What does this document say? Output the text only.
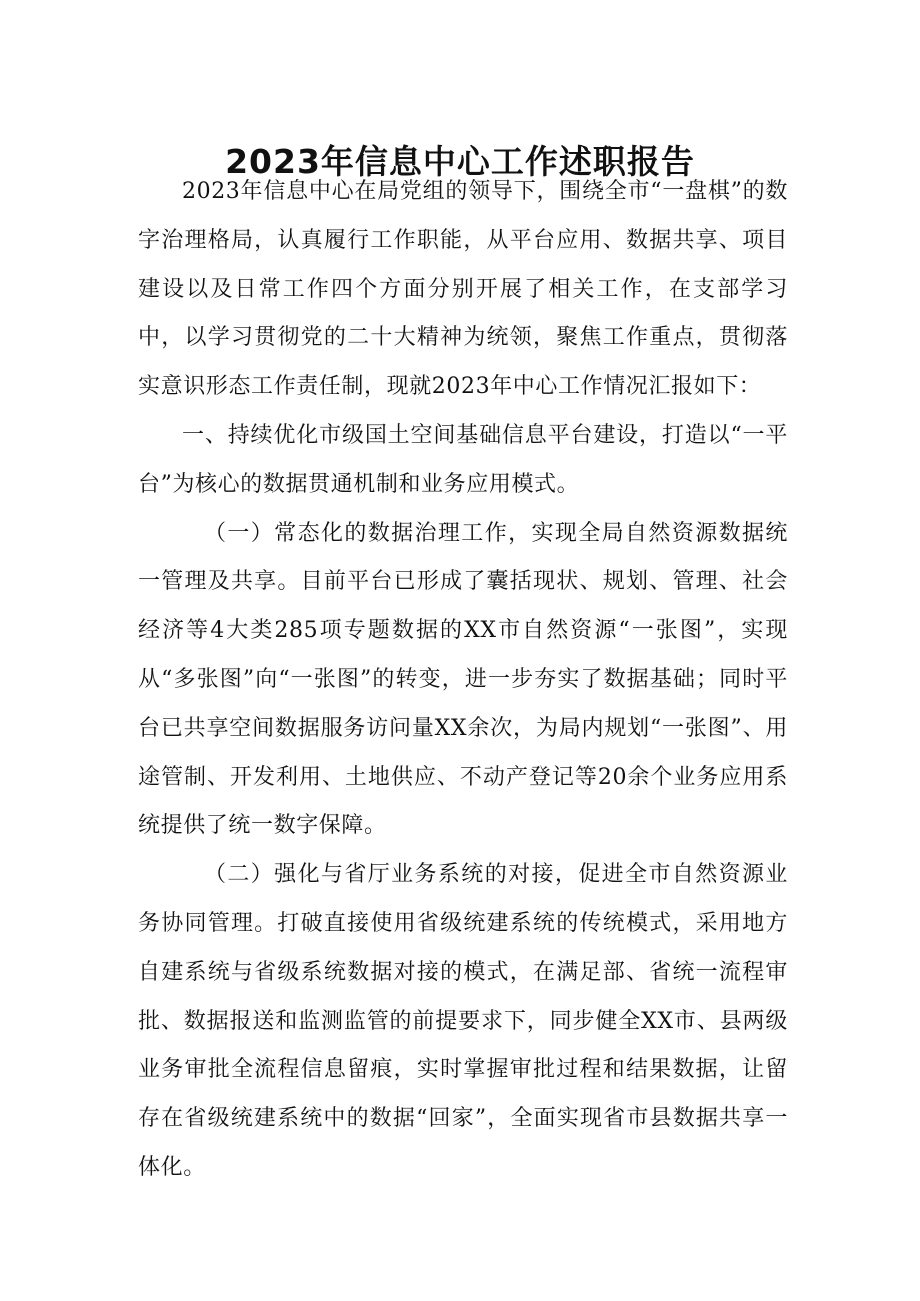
2023年信息中心工作述职报告

2023年信息中心在局党组的领导下，围绕全市“一盘棋”的数字治理格局，认真履行工作职能，从平台应用、数据共享、项目建设以及日常工作四个方面分别开展了相关工作，在支部学习中，以学习贯彻党的二十大精神为统领，聚焦工作重点，贯彻落实意识形态工作责任制，现就2023年中心工作情况汇报如下：

一、持续优化市级国土空间基础信息平台建设，打造以“一平台”为核心的数据贯通机制和业务应用模式。

（一）常态化的数据治理工作，实现全局自然资源数据统一管理及共享。目前平台已形成了囊括现状、规划、管理、社会经济等4大类285项专题数据的XX市自然资源“一张图”，实现从“多张图”向“一张图”的转变，进一步夯实了数据基础；同时平台已共享空间数据服务访问量XX余次，为局内规划“一张图”、用途管制、开发利用、土地供应、不动产登记等20余个业务应用系统提供了统一数字保障。

（二）强化与省厅业务系统的对接，促进全市自然资源业务协同管理。打破直接使用省级统建系统的传统模式，采用地方自建系统与省级系统数据对接的模式，在满足部、省统一流程审批、数据报送和监测监管的前提要求下，同步健全XX市、县两级业务审批全流程信息留痕，实时掌握审批过程和结果数据，让留存在省级统建系统中的数据“回家”，全面实现省市县数据共享一体化。
